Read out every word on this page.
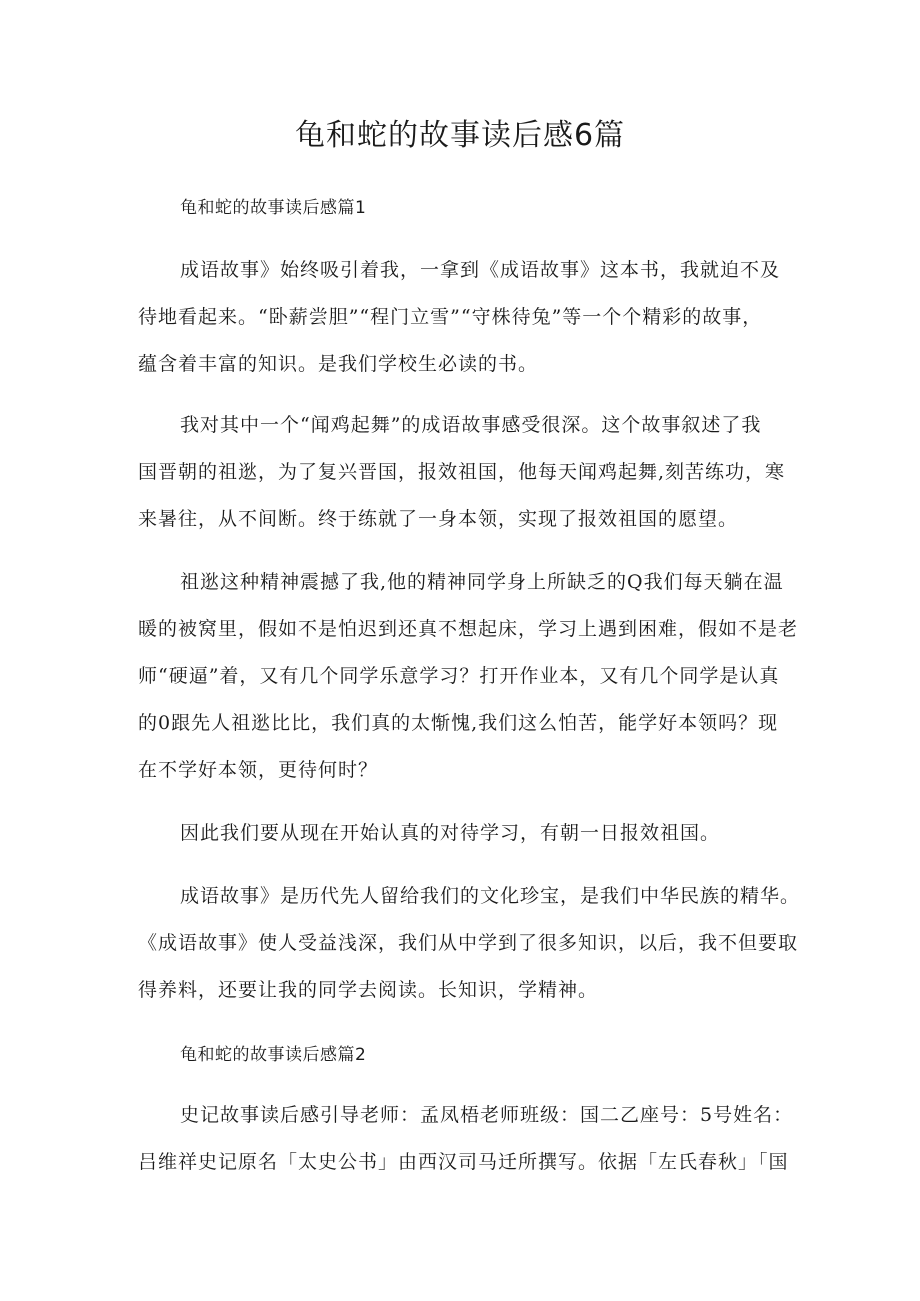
龟和蛇的故事读后感6篇
龟和蛇的故事读后感篇1
成语故事》始终吸引着我，一拿到《成语故事》这本书，我就迫不及
待地看起来。“卧薪尝胆”“程门立雪”“守株待兔”等一个个精彩的故事，
蕴含着丰富的知识。是我们学校生必读的书。
我对其中一个“闻鸡起舞”的成语故事感受很深。这个故事叙述了我
国晋朝的祖逖，为了复兴晋国，报效祖国，他每天闻鸡起舞,刻苦练功，寒
来暑往，从不间断。终于练就了一身本领，实现了报效祖国的愿望。
祖逖这种精神震撼了我,他的精神同学身上所缺乏的Q我们每天躺在温
暖的被窝里，假如不是怕迟到还真不想起床，学习上遇到困难，假如不是老
师“硬逼”着，又有几个同学乐意学习？打开作业本，又有几个同学是认真
的0跟先人祖逖比比，我们真的太惭愧,我们这么怕苦，能学好本领吗？现
在不学好本领，更待何时？
因此我们要从现在开始认真的对待学习，有朝一日报效祖国。
成语故事》是历代先人留给我们的文化珍宝，是我们中华民族的精华。
《成语故事》使人受益浅深，我们从中学到了很多知识，以后，我不但要取
得养料，还要让我的同学去阅读。长知识，学精神。
龟和蛇的故事读后感篇2
史记故事读后感引导老师：孟凤梧老师班级：国二乙座号：5号姓名：
吕维祥史记原名「太史公书」由西汉司马迁所撰写。依据「左氏春秋」「国
